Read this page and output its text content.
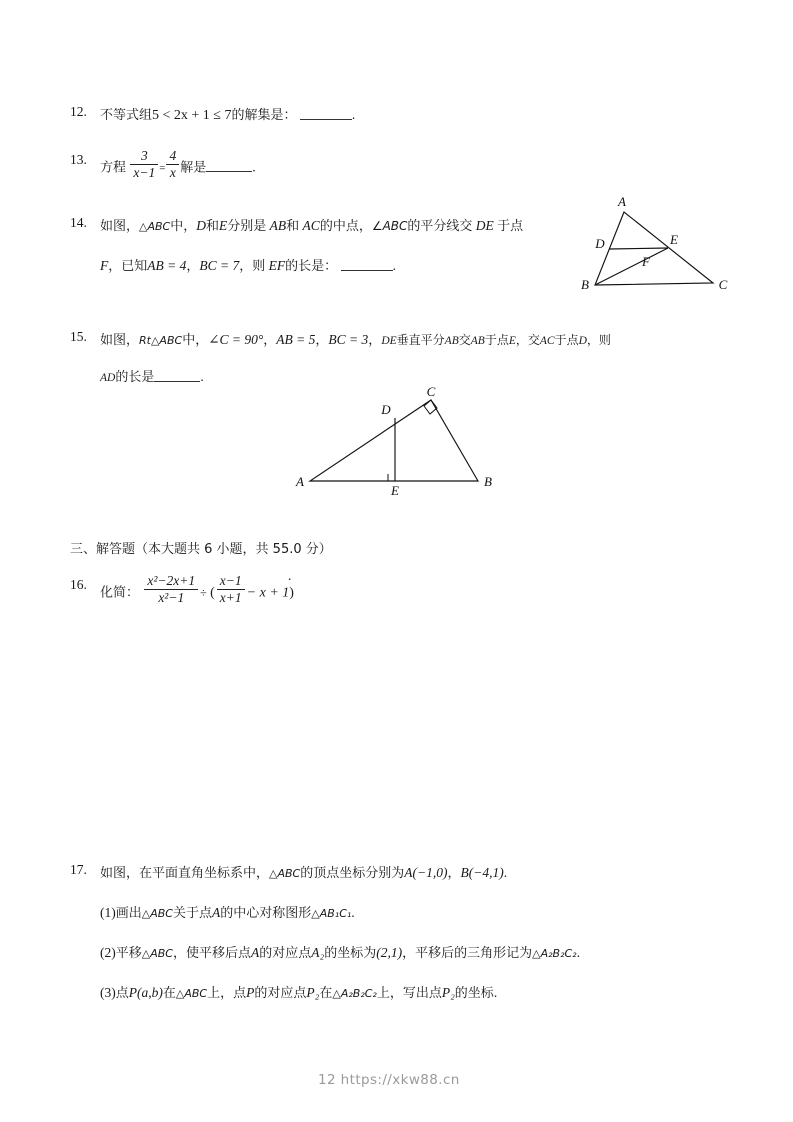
12. 不等式组5 < 2x + 1 ≤ 7的解集是：	.
13.
方程 $\frac{3}{x-1} = \frac{4}{x}$ 解是	.
14. 如图，△ABC中，D和E分别是 AB和 AC的中点，∠ABC的平分线交 DE 于点
F，已知AB = 4，BC = 7，则 EF的长是：	.
A
B	C
D	E
F
15. 如图，Rt△ABC中，∠C = 90°，AB = 5，BC = 3，DE垂直平分AB交AB于点E，交AC于点D，则
AD的长是	.
A	B
C
D
E
三、解答题（本大题共 6 小题，共 55.0 分）
16.
化简： $\frac{\text{x²−2x+1}}{\text{x²−1}}$ ÷ ( $\frac{x-1}{x+1} - x + 1$)
.
17. 如图，在平面直角坐标系中，△ABC的顶点坐标分别为A(−1,0)，B(−4,1).
(1)画出△ABC关于点A的中心对称图形△AB₁C₁.
(2)平移△ABC，使平移后点A的对应点A₂的坐标为(2,1)，平移后的三角形记为△A₂B₂C₂.
(3)点P(a,b)在△ABC上，点P的对应点P₂在△A₂B₂C₂上，写出点P₂的坐标.
12 https://xkw88.cn
